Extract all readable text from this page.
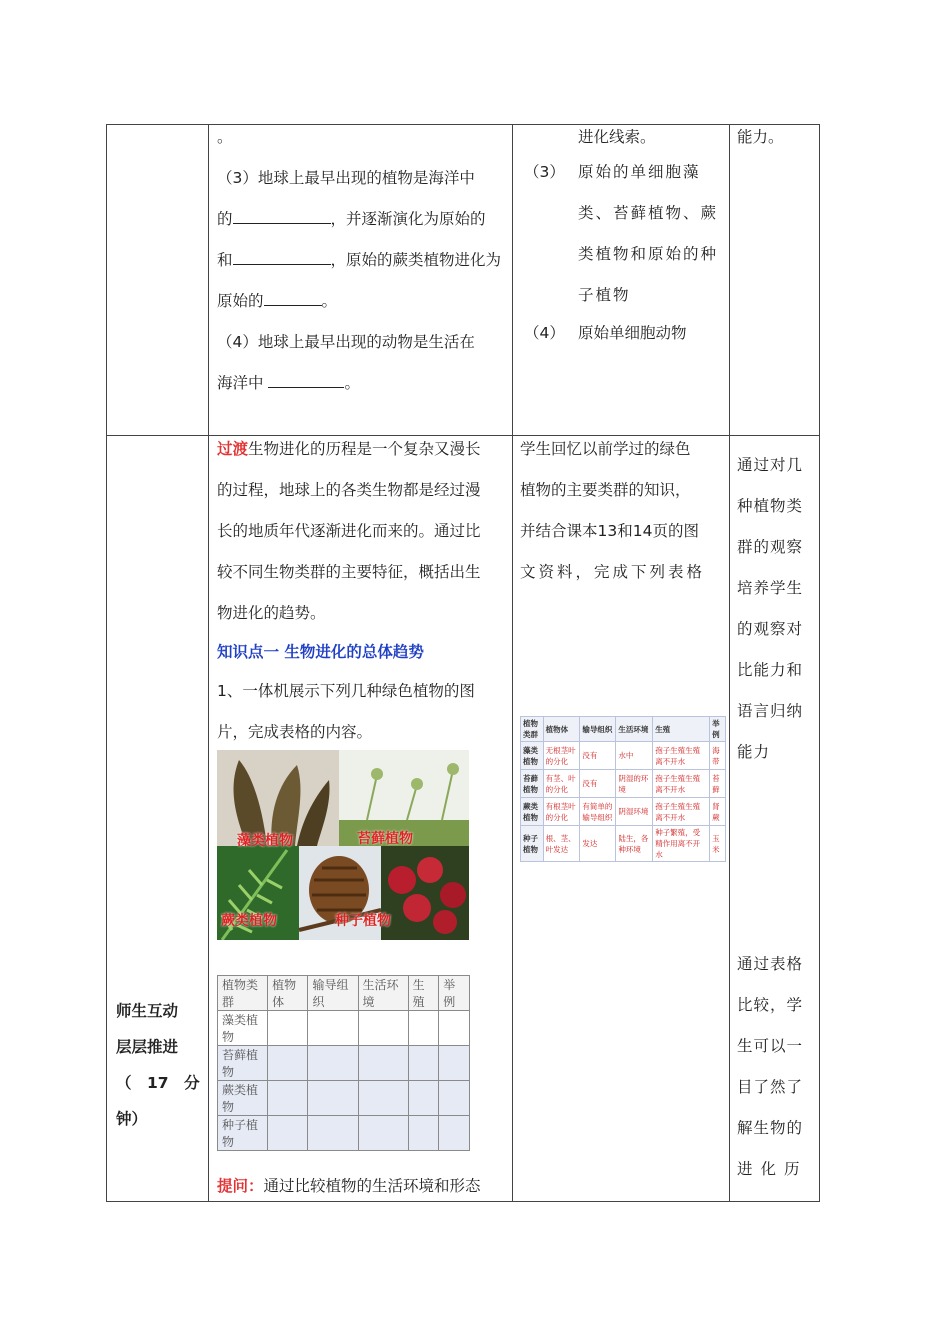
。
（3）地球上最早出现的植物是海洋中
的	，并逐渐演化为原始的
和	，原始的蕨类植物进化为
原始的	。
（4）地球上最早出现的动物是生活在
海洋中	。
进化线索。
（3） 原始的单细胞藻
类、苔藓植物、蕨
类植物和原始的种
子植物
（4） 原始单细胞动物
能力。
师生互动
层层推进
（　17　分
钟）
过渡生物进化的历程是一个复杂又漫长
的过程，地球上的各类生物都是经过漫
长的地质年代逐渐进化而来的。通过比
较不同生物类群的主要特征，概括出生
物进化的趋势。
知识点一 生物进化的总体趋势
1、一体机展示下列几种绿色植物的图
片，完成表格的内容。
藻类植物	苔藓植物
蕨类植物	种子植物
植物类群	植物体	输导组织	生活环境	生殖	举例
藻类植物					
苔藓植物					
蕨类植物					
种子植物					
提问：通过比较植物的生活环境和形态
学生回忆以前学过的绿色
植物的主要类群的知识，
并结合课本13和14页的图
文资料，完成下列表格
植物类群	植物体	输导组织	生活环境	生殖	举例
藻类植物	无根茎叶的分化	没有	水中	孢子生殖生殖离不开水	海带
苔藓植物	有茎、叶的分化	没有	阴湿的环境	孢子生殖生殖离不开水	苔藓
蕨类植物	有根茎叶的分化	有简单的输导组织	阴湿环境	孢子生殖生殖离不开水	肾蕨
种子植物	根、茎、叶发达	发达	陆生，各种环境	种子繁殖，受精作用离不开水	玉米
通过对几
种植物类
群的观察
培养学生
的观察对
比能力和
语言归纳
能力
通过表格
比较，学
生可以一
目了然了
解生物的
进化历
